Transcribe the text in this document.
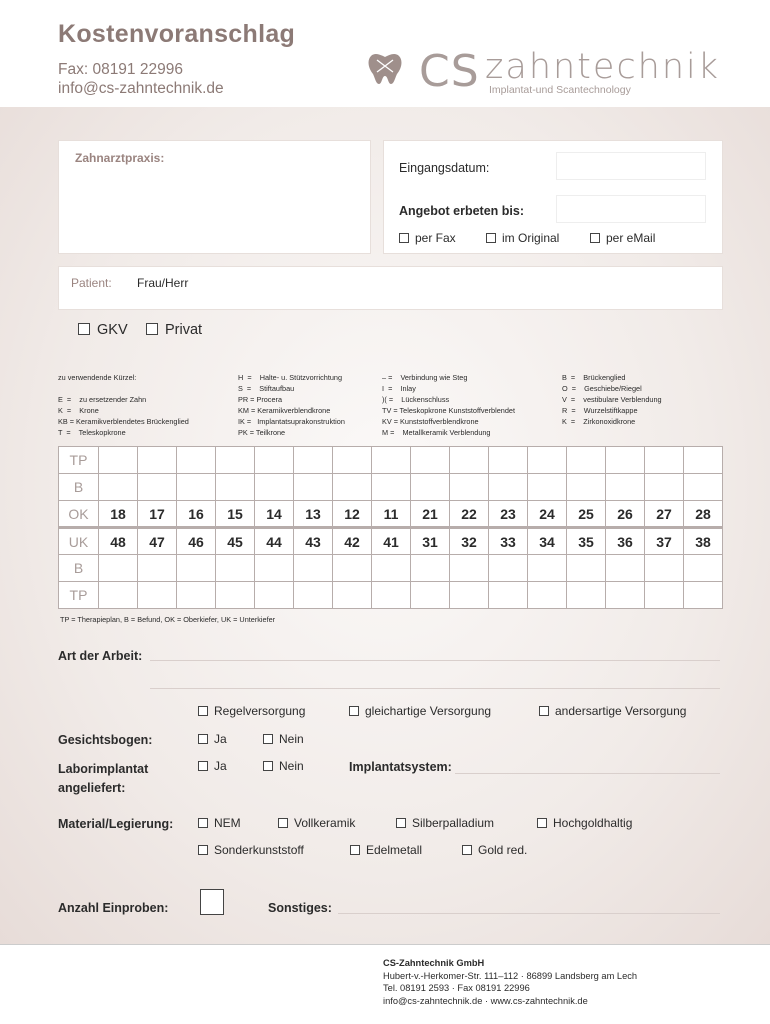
Kostenvoranschlag
Fax: 08191 22996
info@cs-zahntechnik.de	CS zahntechnik
Implantat-und Scantechnology
Zahnarztpraxis:
Eingangsdatum:
Angebot erbeten bis:
per Fax	im Original	per eMail
Patient: Frau/Herr
GKV	Privat
zu verwendende Kürzel:

E  =    zu ersetzender Zahn
K  =    Krone
KB = Keramikverblendetes Brückenglied
T  =    Teleskopkrone
H  =    Halte- u. Stützvorrichtung
S  =    Stiftaufbau
PR = Procera
KM = Keramikverblendkrone
IK =   Implantatsuprakonstruktion
PK = Teilkrone
– =    Verbindung wie Steg
I  =    Inlay
)( =    Lückenschluss
TV = Teleskopkrone Kunststoffverblendet
KV = Kunststoffverblendkrone
M =    Metallkeramik Verblendung
B  =    Brückenglied
O  =    Geschiebe/Riegel
V  =    vestibulare Verblendung
R  =    Wurzelstiftkappe
K  =    Zirkonoxidkrone
TP																
B																
OK	18	17	16	15	14	13	12	11	21	22	23	24	25	26	27	28
UK	48	47	46	45	44	43	42	41	31	32	33	34	35	36	37	38
B																
TP																
TP = Therapieplan, B = Befund, OK = Oberkiefer, UK = Unterkiefer
Art der Arbeit:
Regelversorgung	gleichartige Versorgung	andersartige Versorgung
Gesichtsbogen:	Ja	Nein
Laborimplantat
angeliefert:
Ja	Nein	Implantatsystem:
Material/Legierung:	NEM	Vollkeramik	Silberpalladium	Hochgoldhaltig
Sonderkunststoff	Edelmetall	Gold red.
Anzahl Einproben:	Sonstiges:
CS-Zahntechnik GmbH
Hubert-v.-Herkomer-Str. 111–112 · 86899 Landsberg am Lech
Tel. 08191 2593 · Fax 08191 22996
info@cs-zahntechnik.de · www.cs-zahntechnik.de
